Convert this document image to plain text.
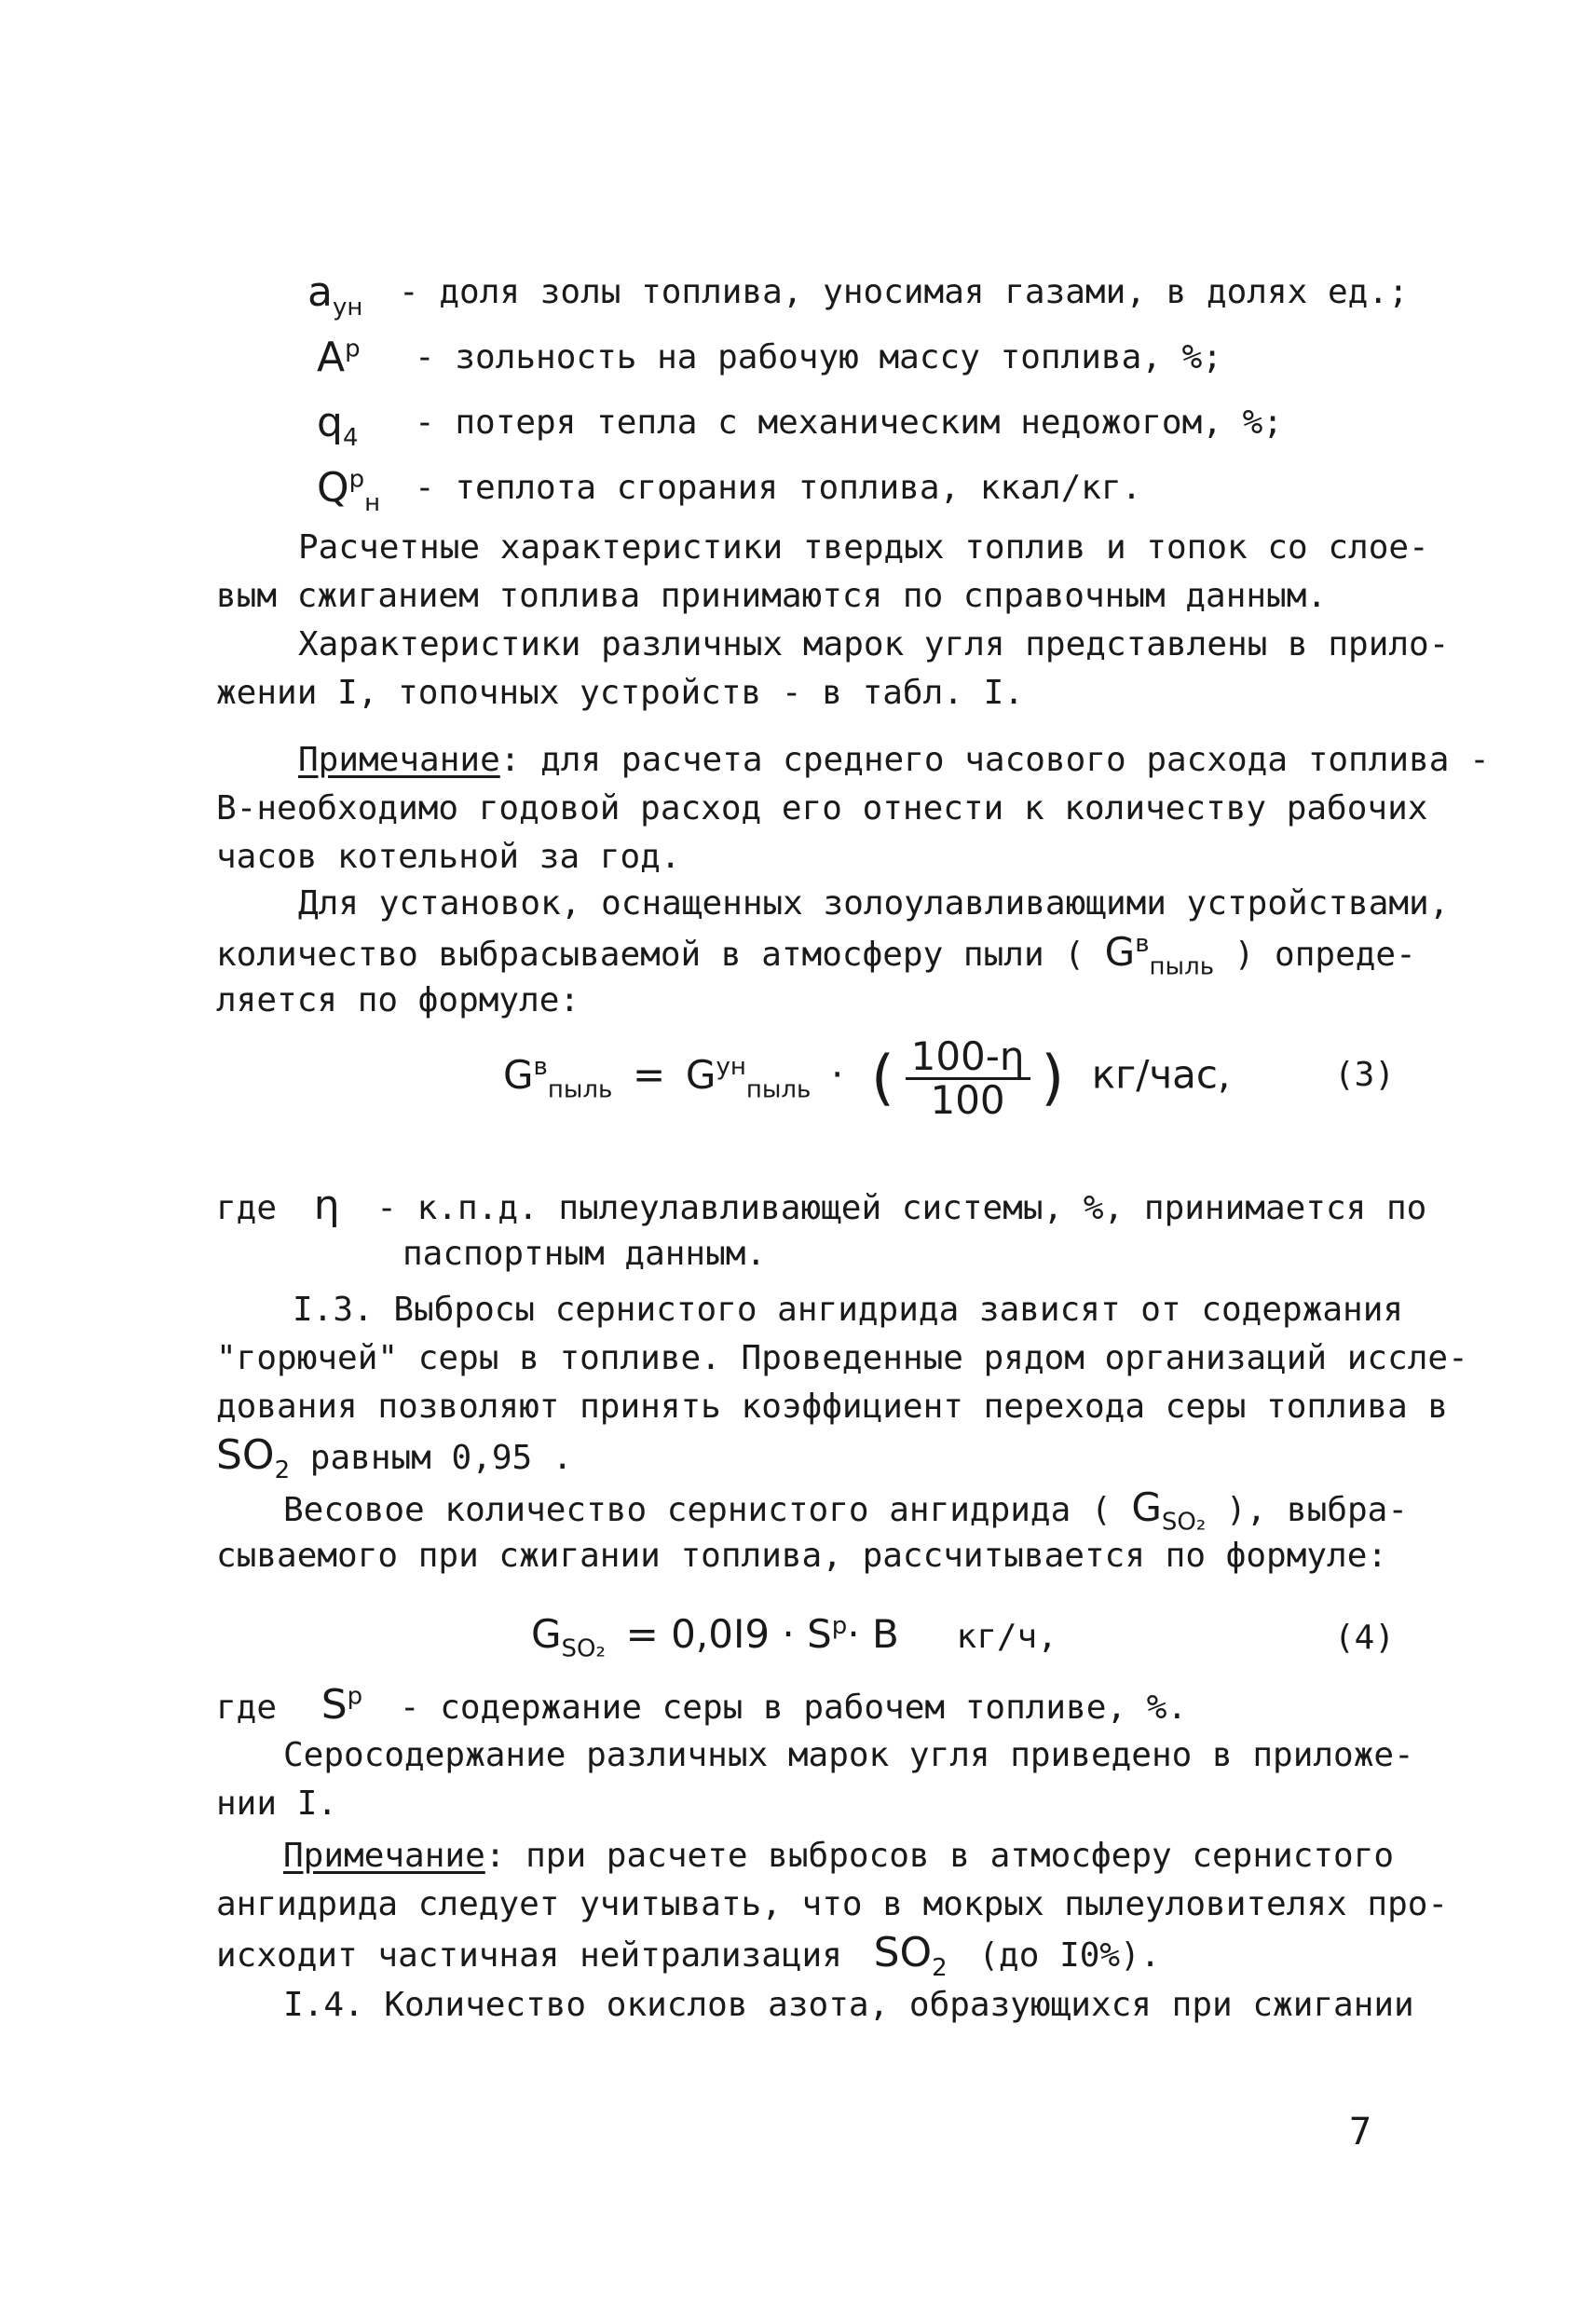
$a_{ун}$ - доля золы топлива, уносимая газами, в долях ед.;
$A^р$ - зольность на рабочую массу топлива, %;
$q_4$ - потеря тепла с механическим недожогом, %;
$Q^р_н$ - теплота сгорания топлива, ккал/кг.
Расчетные характеристики твердых топлив и топок со слое-
вым сжиганием топлива принимаются по справочным данным.
Характеристики различных марок угля представлены в прило-
жении I, топочных устройств - в табл. I.
Примечание: для расчета среднего часового расхода топлива -
В-необходимо годовой расход его отнести к количеству рабочих
часов котельной за год.
Для установок, оснащенных золоулавливающими устройствами,
количество выбрасываемой в атмосферу пыли ( $G^в_{пыль}$ ) опреде-
ляется по формуле:
$G^в_{пыль} = G^{ун}_{пыль}$ · ( $\frac{100-\eta}{100}$ ) кг/час,	(3)
где η - к.п.д. пылеулавливающей системы, %, принимается по
паспортным данным.
I.3. Выбросы сернистого ангидрида зависят от содержания
"горючей" серы в топливе. Проведенные рядом организаций иссле-
дования позволяют принять коэффициент перехода серы топлива в
$SO_2$ равным 0,95 .
Весовое количество сернистого ангидрида ( $G_{SO_2}$ ), выбра-
сываемого при сжигании топлива, рассчитывается по формуле:
$G_{SO_2} = 0,0I9 \cdot S^р\cdot B$ кг/ч,	(4)
где $S^р$ - содержание серы в рабочем топливе, %.
Серосодержание различных марок угля приведено в приложе-
нии I.
Примечание: при расчете выбросов в атмосферу сернистого
ангидрида следует учитывать, что в мокрых пылеуловителях про-
исходит частичная нейтрализация $SO_2$ (до I0%).
I.4. Количество окислов азота, образующихся при сжигании
7
